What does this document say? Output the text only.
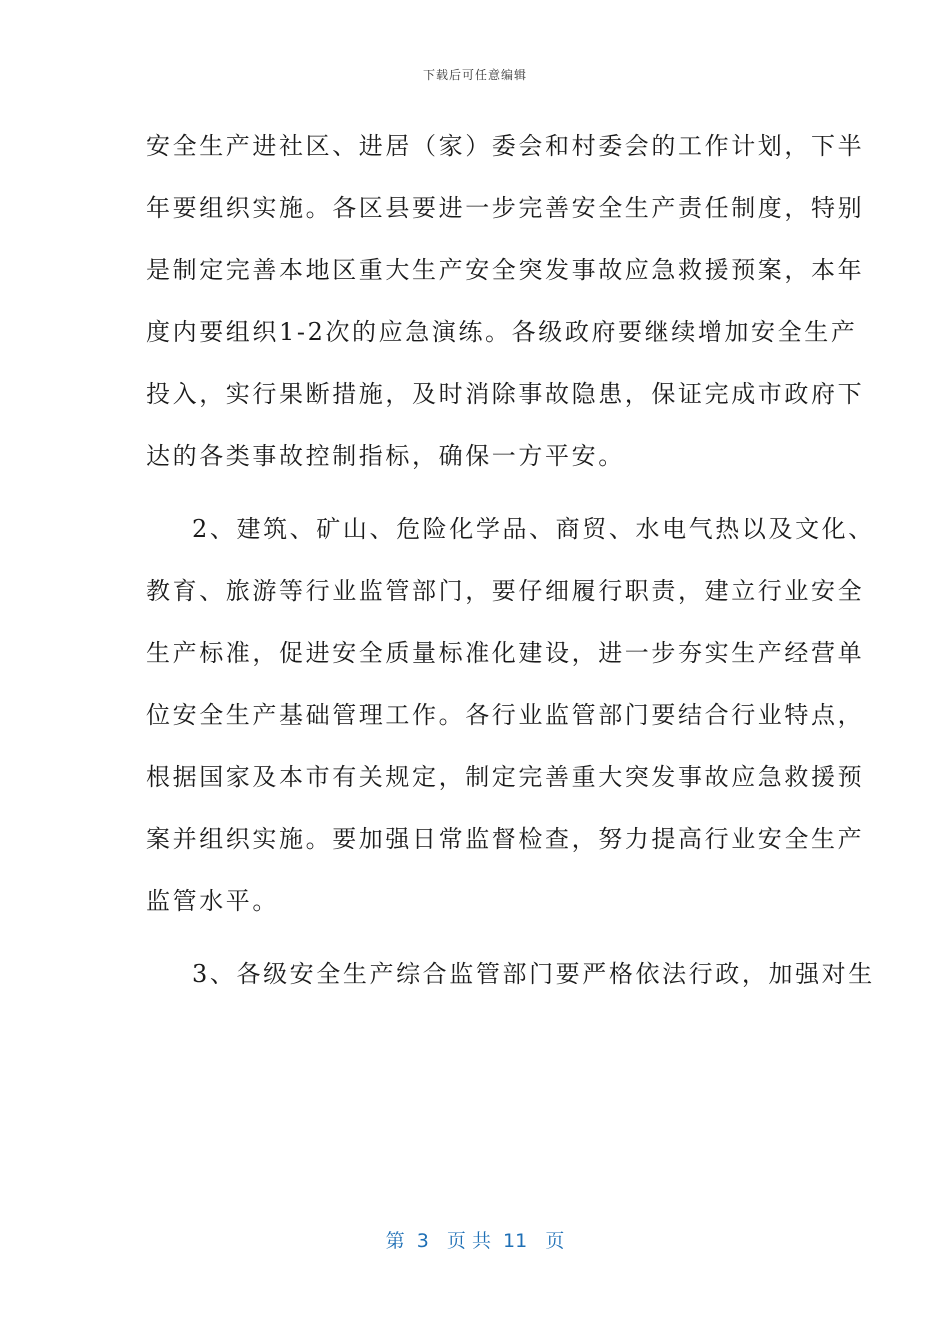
下载后可任意编辑
安全生产进社区、进居（家）委会和村委会的工作计划，下半
年要组织实施。各区县要进一步完善安全生产责任制度，特别
是制定完善本地区重大生产安全突发事故应急救援预案，本年
度内要组织1-2次的应急演练。各级政府要继续增加安全生产
投入，实行果断措施，及时消除事故隐患，保证完成市政府下
达的各类事故控制指标，确保一方平安。
2、建筑、矿山、危险化学品、商贸、水电气热以及文化、
教育、旅游等行业监管部门，要仔细履行职责，建立行业安全
生产标准，促进安全质量标准化建设，进一步夯实生产经营单
位安全生产基础管理工作。各行业监管部门要结合行业特点，
根据国家及本市有关规定，制定完善重大突发事故应急救援预
案并组织实施。要加强日常监督检查，努力提高行业安全生产
监管水平。
3、各级安全生产综合监管部门要严格依法行政，加强对生
第  3   页 共  11   页
